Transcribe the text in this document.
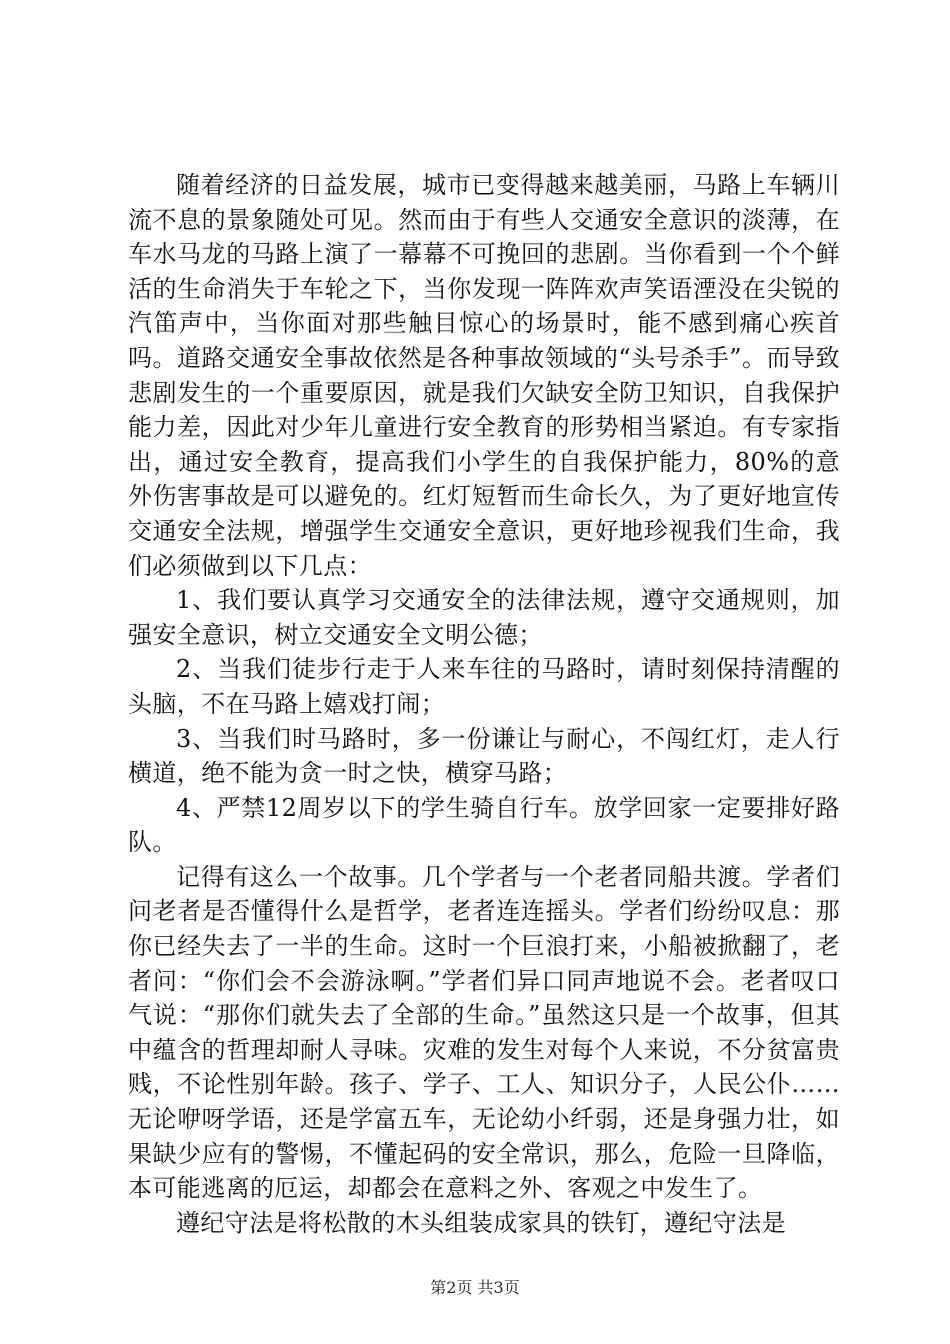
随着经济的日益发展，城市已变得越来越美丽，马路上车辆川流不息的景象随处可见。然而由于有些人交通安全意识的淡薄，在车水马龙的马路上演了一幕幕不可挽回的悲剧。当你看到一个个鲜活的生命消失于车轮之下，当你发现一阵阵欢声笑语湮没在尖锐的汽笛声中，当你面对那些触目惊心的场景时，能不感到痛心疾首吗。道路交通安全事故依然是各种事故领域的“头号杀手”。而导致悲剧发生的一个重要原因，就是我们欠缺安全防卫知识，自我保护能力差，因此对少年儿童进行安全教育的形势相当紧迫。有专家指出，通过安全教育，提高我们小学生的自我保护能力，80%的意外伤害事故是可以避免的。红灯短暂而生命长久，为了更好地宣传交通安全法规，增强学生交通安全意识，更好地珍视我们生命，我们必须做到以下几点：

1、我们要认真学习交通安全的法律法规，遵守交通规则，加强安全意识，树立交通安全文明公德；

2、当我们徒步行走于人来车往的马路时，请时刻保持清醒的头脑，不在马路上嬉戏打闹；

3、当我们时马路时，多一份谦让与耐心，不闯红灯，走人行横道，绝不能为贪一时之快，横穿马路；

4、严禁12周岁以下的学生骑自行车。放学回家一定要排好路队。

记得有这么一个故事。几个学者与一个老者同船共渡。学者们问老者是否懂得什么是哲学，老者连连摇头。学者们纷纷叹息：那你已经失去了一半的生命。这时一个巨浪打来，小船被掀翻了，老者问：“你们会不会游泳啊。”学者们异口同声地说不会。老者叹口气说：“那你们就失去了全部的生命。”虽然这只是一个故事，但其中蕴含的哲理却耐人寻味。灾难的发生对每个人来说，不分贫富贵贱，不论性别年龄。孩子、学子、工人、知识分子，人民公仆……无论咿呀学语，还是学富五车，无论幼小纤弱，还是身强力壮，如果缺少应有的警惕，不懂起码的安全常识，那么，危险一旦降临，本可能逃离的厄运，却都会在意料之外、客观之中发生了。

遵纪守法是将松散的木头组装成家具的铁钉，遵纪守法是

第2页 共3页
